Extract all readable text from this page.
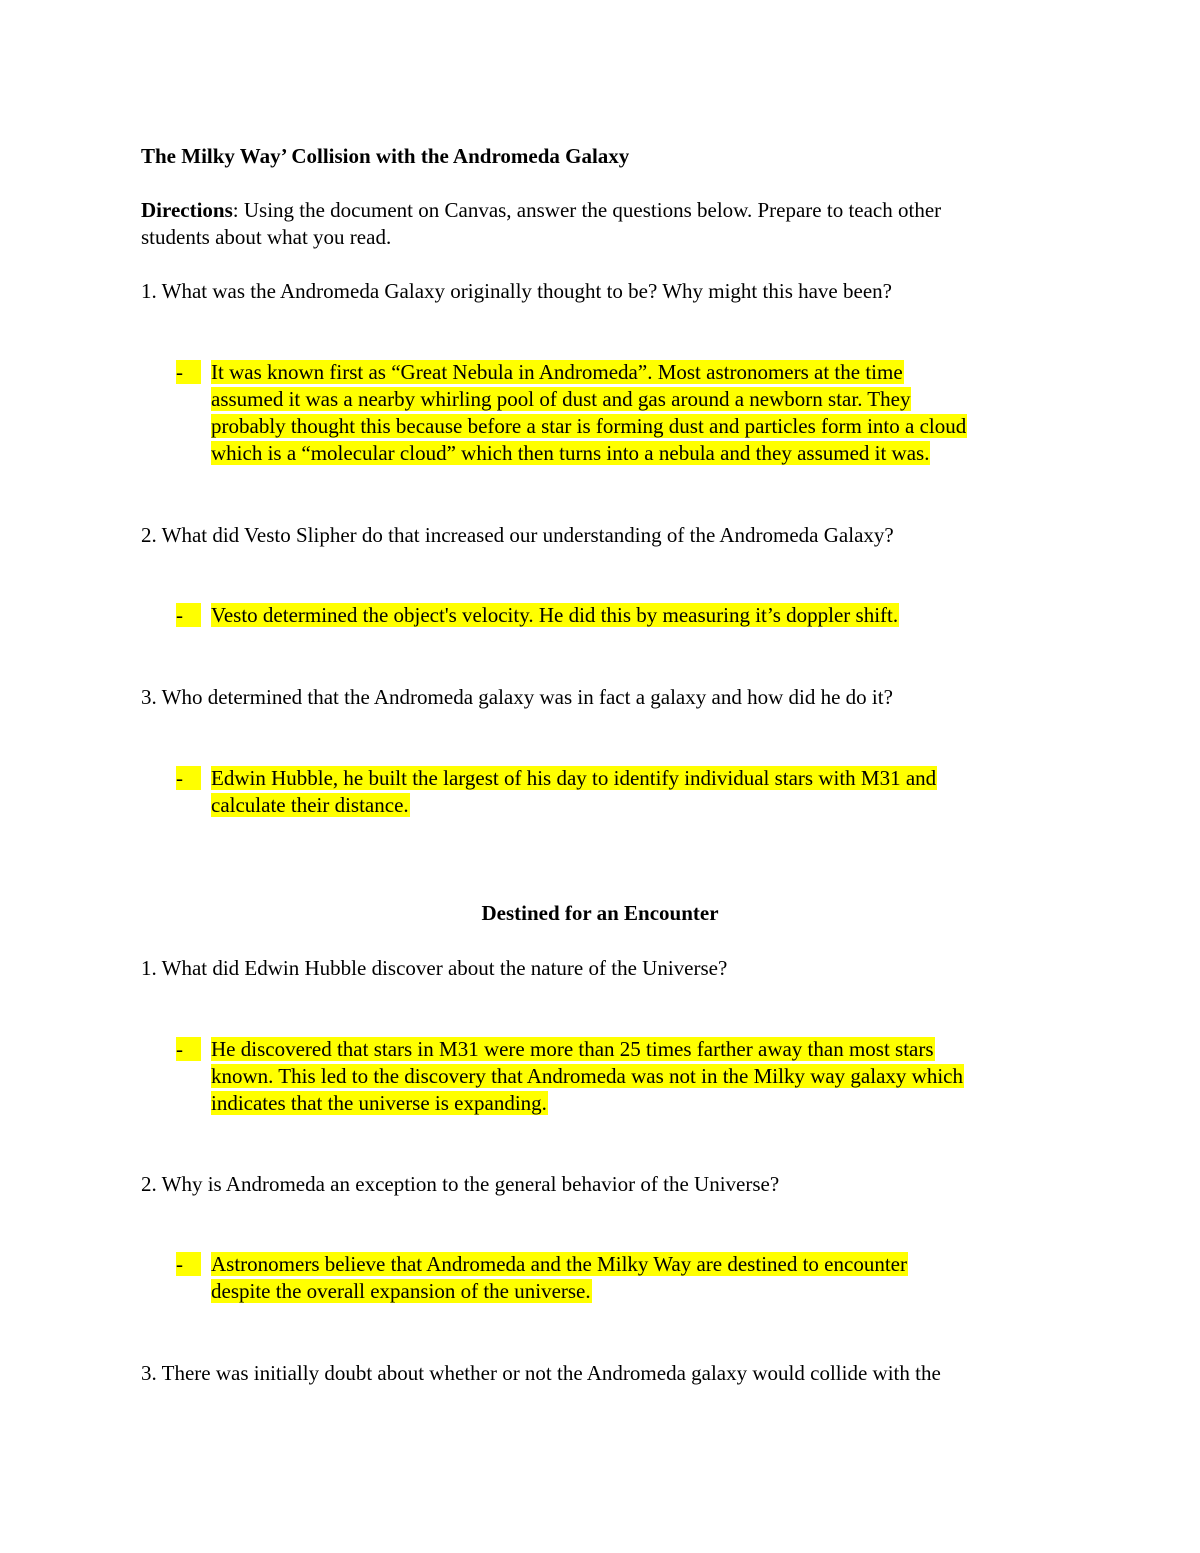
The Milky Way’ Collision with the Andromeda Galaxy
Directions: Using the document on Canvas, answer the questions below. Prepare to teach other
students about what you read.
1. What was the Andromeda Galaxy originally thought to be? Why might this have been?
-	It was known first as “Great Nebula in Andromeda”. Most astronomers at the time
assumed it was a nearby whirling pool of dust and gas around a newborn star. They
probably thought this because before a star is forming dust and particles form into a cloud
which is a “molecular cloud” which then turns into a nebula and they assumed it was.
2. What did Vesto Slipher do that increased our understanding of the Andromeda Galaxy?
-	Vesto determined the object's velocity. He did this by measuring it’s doppler shift.
3. Who determined that the Andromeda galaxy was in fact a galaxy and how did he do it?
-	Edwin Hubble, he built the largest of his day to identify individual stars with M31 and
calculate their distance.
Destined for an Encounter
1. What did Edwin Hubble discover about the nature of the Universe?
-	He discovered that stars in M31 were more than 25 times farther away than most stars
known. This led to the discovery that Andromeda was not in the Milky way galaxy which
indicates that the universe is expanding.
2. Why is Andromeda an exception to the general behavior of the Universe?
-	Astronomers believe that Andromeda and the Milky Way are destined to encounter
despite the overall expansion of the universe.
3. There was initially doubt about whether or not the Andromeda galaxy would collide with the
